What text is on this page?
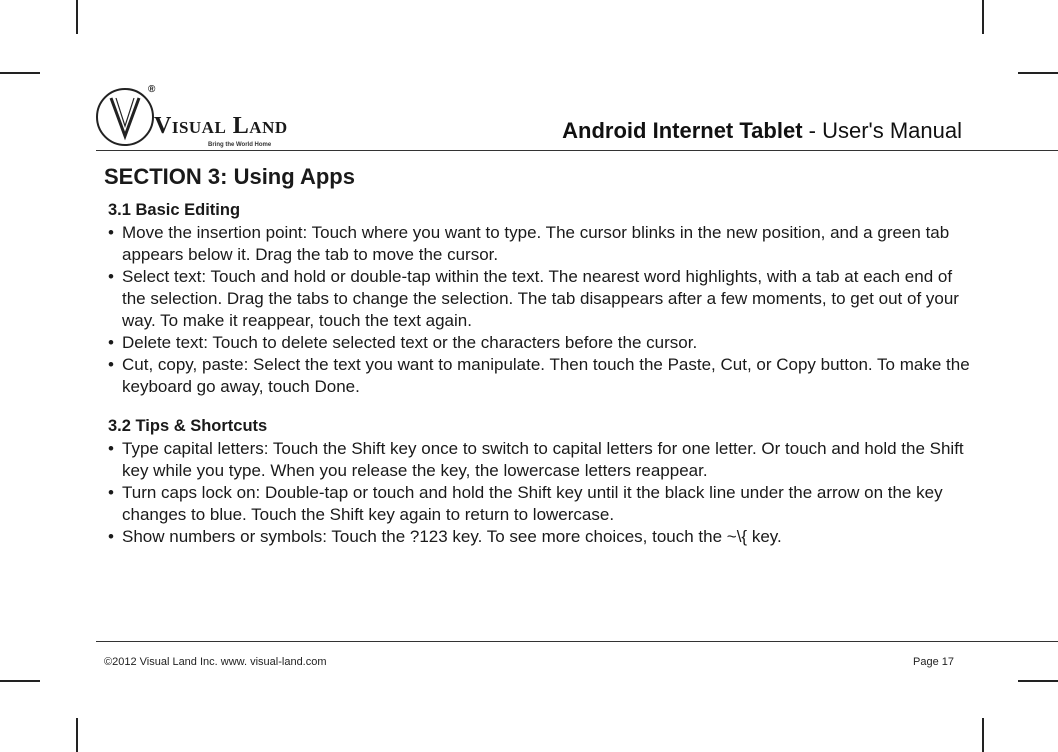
®
Visual Land
Bring the World Home
Android Internet Tablet - User's Manual
SECTION 3: Using Apps
3.1 Basic Editing
• Move the insertion point: Touch where you want to type. The cursor blinks in the new position, and a green tab appears below it. Drag the tab to move the cursor.
• Select text: Touch and hold or double-tap within the text. The nearest word highlights, with a tab at each end of the selection. Drag the tabs to change the selection. The tab disappears after a few moments, to get out of your way. To make it reappear, touch the text again.
• Delete text: Touch to delete selected text or the characters before the cursor.
• Cut, copy, paste: Select the text you want to manipulate. Then touch the Paste, Cut, or Copy button. To make the keyboard go away, touch Done.
3.2 Tips & Shortcuts
• Type capital letters: Touch the Shift key once to switch to capital letters for one letter. Or touch and hold the Shift key while you type. When you release the key, the lowercase letters reappear.
• Turn caps lock on: Double-tap or touch and hold the Shift key until it the black line under the arrow on the key changes to blue. Touch the Shift key again to return to lowercase.
• Show numbers or symbols: Touch the ?123 key. To see more choices, touch the ~\{ key.
©2012 Visual Land Inc. www. visual-land.com	Page 17
